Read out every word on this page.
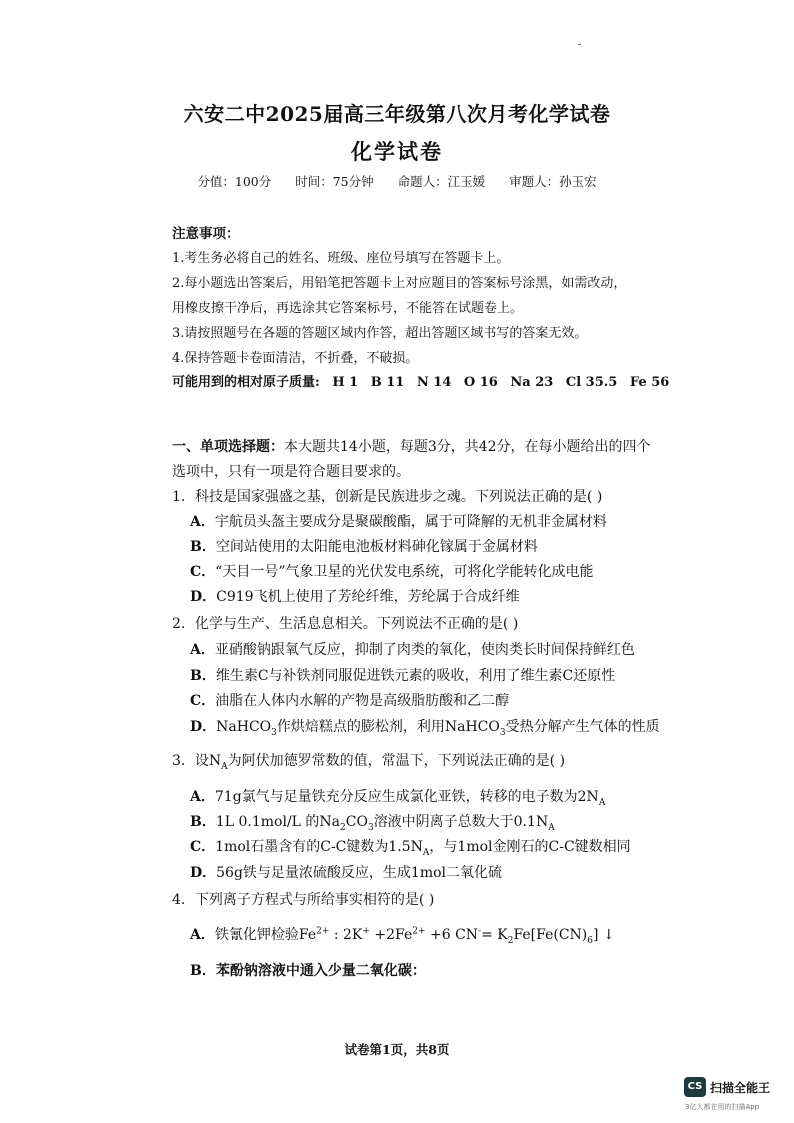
六安二中2025届高三年级第八次月考化学试卷
化学试卷
分值：100分 时间：75分钟 命题人：江玉媛 审题人：孙玉宏
注意事项：
1.考生务必将自己的姓名、班级、座位号填写在答题卡上。
2.每小题选出答案后，用铅笔把答题卡上对应题目的答案标号涂黑，如需改动，
用橡皮擦干净后，再选涂其它答案标号，不能答在试题卷上。
3.请按照题号在各题的答题区域内作答，超出答题区域书写的答案无效。
4.保持答题卡卷面清洁，不折叠，不破损。
可能用到的相对原子质量: H 1 B 11 N 14 O 16 Na 23 Cl 35.5 Fe 56
一、单项选择题：本大题共14小题，每题3分，共42分，在每小题给出的四个
选项中，只有一项是符合题目要求的。
1．科技是国家强盛之基，创新是民族进步之魂。下列说法正确的是( )
A．宇航员头盔主要成分是聚碳酸酯，属于可降解的无机非金属材料
B．空间站使用的太阳能电池板材料砷化镓属于金属材料
C．“天目一号”气象卫星的光伏发电系统，可将化学能转化成电能
D．C919飞机上使用了芳纶纤维，芳纶属于合成纤维
2．化学与生产、生活息息相关。下列说法不正确的是( )
A．亚硝酸钠跟氧气反应，抑制了肉类的氧化，使肉类长时间保持鲜红色
B．维生素C与补铁剂同服促进铁元素的吸收，利用了维生素C还原性
C．油脂在人体内水解的产物是高级脂肪酸和乙二醇
D．NaHCO$_3$作烘焙糕点的膨松剂，利用NaHCO$_3$受热分解产生气体的性质
3．设$N_A$为阿伏加德罗常数的值，常温下，下列说法正确的是( )
A．71g氯气与足量铁充分反应生成氯化亚铁，转移的电子数为$2N_A$
B．1L 0.1mol/L 的$Na_2CO_3$溶液中阴离子总数大于$0.1N_A$
C．1mol石墨含有的C-C键数为$1.5N_A$，与1mol金刚石的C-C键数相同
D．56g铁与足量浓硫酸反应，生成1mol二氧化硫
4．下列离子方程式与所给事实相符的是( )
A．铁氰化钾检验$Fe^{2+}$ : $2K^+ +2Fe^{2+} +6$ $CN^-= K_2Fe[Fe(CN)_6]$ ↓
B．苯酚钠溶液中通入少量二氧化碳：
试卷第1页，共8页
CS 扫描全能王
3亿人都在用的扫描App
